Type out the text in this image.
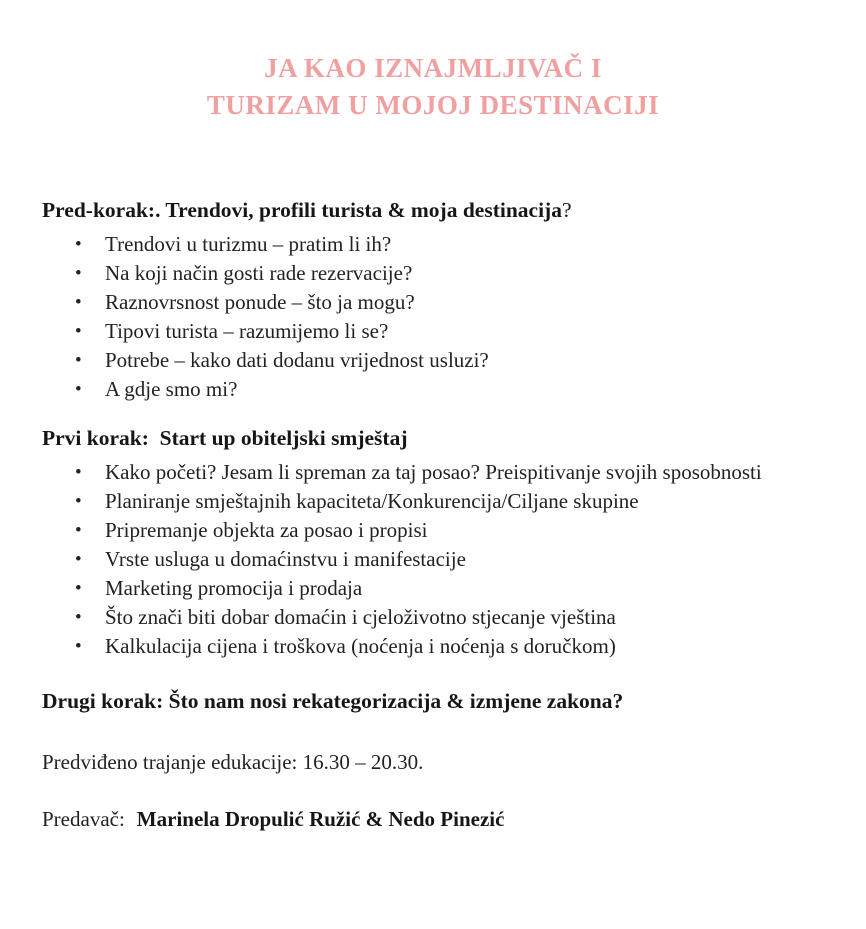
JA KAO IZNAJMLJIVAČ I
TURIZAM U MOJOJ DESTINACIJI
Pred-korak:. Trendovi, profili turista & moja destinacija?
• Trendovi u turizmu – pratim li ih?
• Na koji način gosti rade rezervacije?
• Raznovrsnost ponude – što ja mogu?
• Tipovi turista – razumijemo li se?
• Potrebe – kako dati dodanu vrijednost usluzi?
• A gdje smo mi?
Prvi korak:  Start up obiteljski smještaj
• Kako početi? Jesam li spreman za taj posao? Preispitivanje svojih sposobnosti
• Planiranje smještajnih kapaciteta/Konkurencija/Ciljane skupine
• Pripremanje objekta za posao i propisi
• Vrste usluga u domaćinstvu i manifestacije
• Marketing promocija i prodaja
• Što znači biti dobar domaćin i cjeloživotno stjecanje vještina
• Kalkulacija cijena i troškova (noćenja i noćenja s doručkom)
Drugi korak: Što nam nosi rekategorizacija & izmjene zakona?
Predviđeno trajanje edukacije: 16.30 – 20.30.
Predavač: Marinela Dropulić Ružić & Nedo Pinezić
